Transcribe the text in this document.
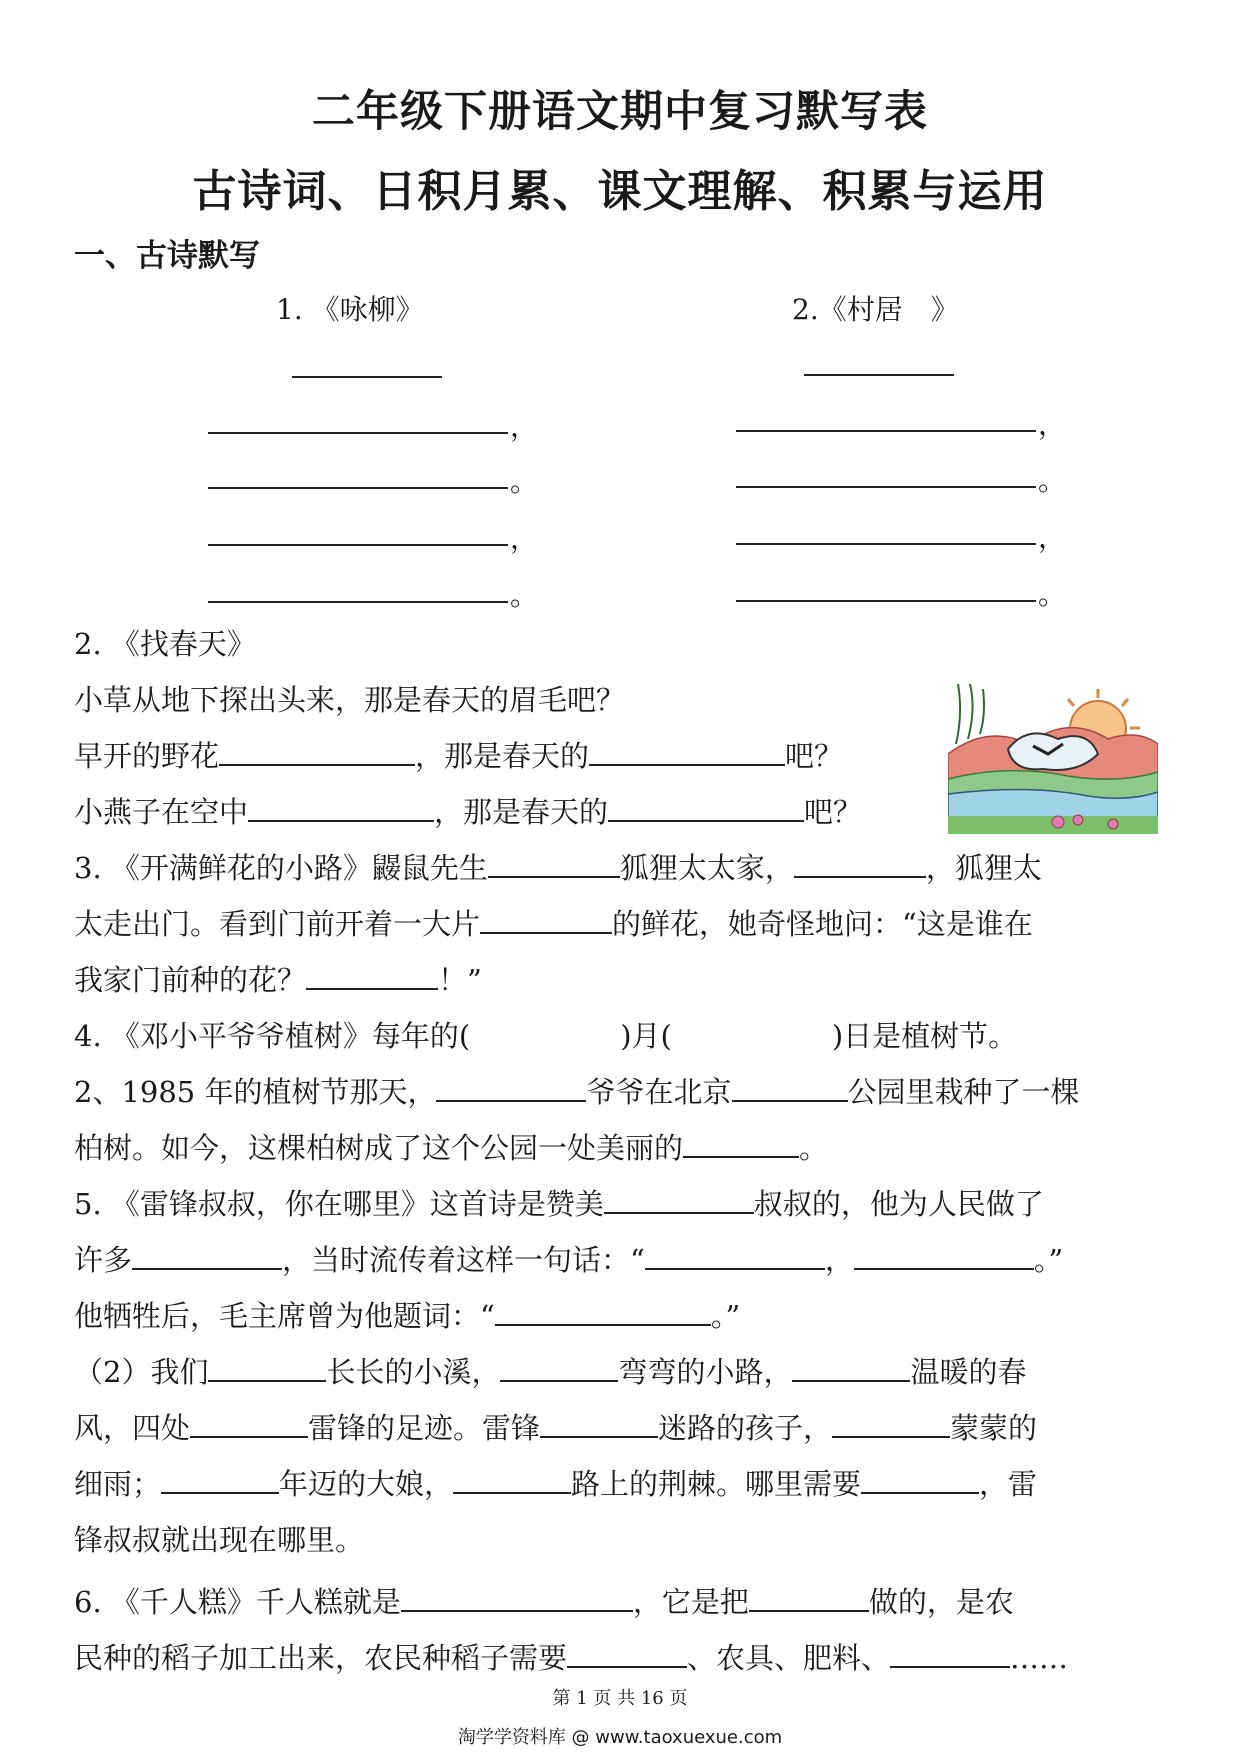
二年级下册语文期中复习默写表
古诗词、日积月累、课文理解、积累与运用
一、古诗默写
1. 《咏柳》
，
。
，
。
2.《村居　》
，
。
，
。
2. 《找春天》
小草从地下探出头来，那是春天的眉毛吧？
早开的野花	，那是春天的	吧？
小燕子在空中	，那是春天的	吧？
3. 《开满鲜花的小路》鼹鼠先生	狐狸太太家，	，狐狸太
太走出门。看到门前开着一大片	的鲜花，她奇怪地问：“这是谁在
我家门前种的花？	！”
4. 《邓小平爷爷植树》每年的(	)月(	)日是植树节。
2、1985 年的植树节那天，	爷爷在北京	公园里栽种了一棵
柏树。如今，这棵柏树成了这个公园一处美丽的	。
5. 《雷锋叔叔，你在哪里》这首诗是赞美	叔叔的，他为人民做了
许多	，当时流传着这样一句话：“	，	。”
他牺牲后，毛主席曾为他题词：“	。”
（2）我们	长长的小溪，	弯弯的小路，	温暖的春
风，四处	雷锋的足迹。雷锋	迷路的孩子，	蒙蒙的
细雨；	年迈的大娘，	路上的荆棘。哪里需要	，雷
锋叔叔就出现在哪里。
6. 《千人糕》千人糕就是	，它是把	做的，是农
民种的稻子加工出来，农民种稻子需要	、农具、肥料、	……
第 1 页 共 16 页
淘学学资料库 @ www.taoxuexue.com
